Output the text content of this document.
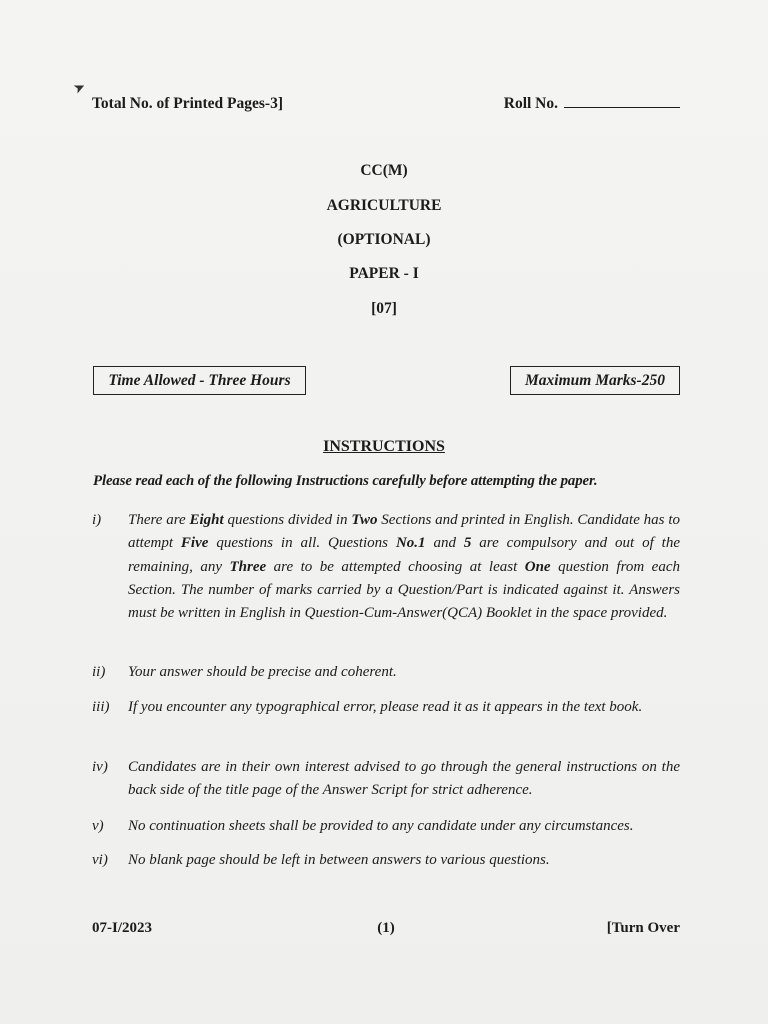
➤
Total No. of Printed Pages-3]	Roll No.
CC(M)
AGRICULTURE
(OPTIONAL)
PAPER - I
[07]
Time Allowed - Three Hours	Maximum Marks-250
INSTRUCTIONS
Please read each of the following Instructions carefully before attempting the paper.
i)	There are Eight questions divided in Two Sections and printed in English. Candidate has to attempt Five questions in all. Questions No.1 and 5 are compulsory and out of the remaining, any Three are to be attempted choosing at least One question from each Section. The number of marks carried by a Question/Part is indicated against it. Answers must be written in English in Question-Cum-Answer(QCA) Booklet in the space provided.
ii)	Your answer should be precise and coherent.
iii)	If you encounter any typographical error, please read it as it appears in the text book.
iv)	Candidates are in their own interest advised to go through the general instructions on the back side of the title page of the Answer Script for strict adherence.
v)	No continuation sheets shall be provided to any candidate under any circumstances.
vi)	No blank page should be left in between answers to various questions.
07-I/2023	(1)	[Turn Over
